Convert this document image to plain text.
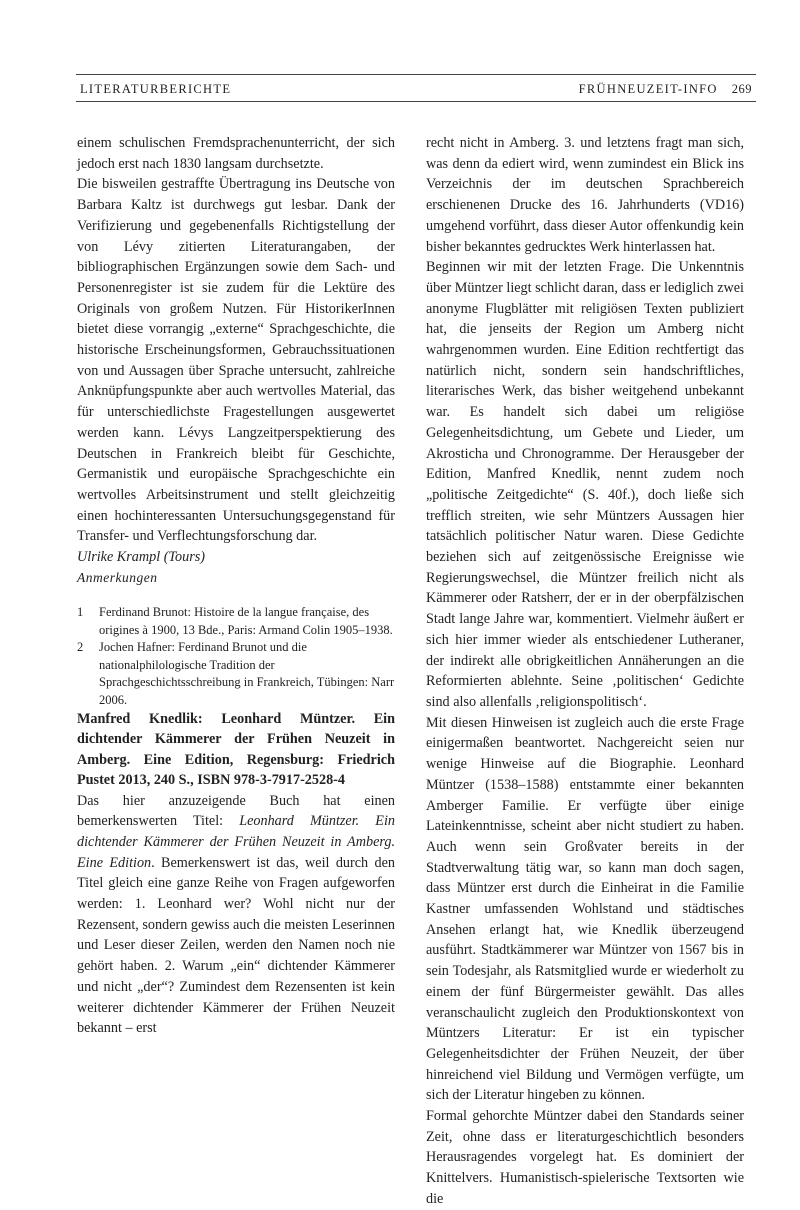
LITERATURBERICHTE	FRÜHNEUZEIT-INFO 269

einem schulischen Fremdsprachenunterricht, der sich jedoch erst nach 1830 langsam durchsetzte.

Die bisweilen gestraffte Übertragung ins Deutsche von Barbara Kaltz ist durchwegs gut lesbar. Dank der Verifizierung und gegebenenfalls Richtigstellung der von Lévy zitierten Literaturangaben, der bibliographischen Ergänzungen sowie dem Sach- und Personenregister ist sie zudem für die Lektüre des Originals von großem Nutzen. Für HistorikerInnen bietet diese vorrangig „externe“ Sprachgeschichte, die historische Erscheinungsformen, Gebrauchssituationen von und Aussagen über Sprache untersucht, zahlreiche Anknüpfungspunkte aber auch wertvolles Material, das für unterschiedlichste Fragestellungen ausgewertet werden kann. Lévys Langzeitperspektierung des Deutschen in Frankreich bleibt für Geschichte, Germanistik und europäische Sprachgeschichte ein wertvolles Arbeitsinstrument und stellt gleichzeitig einen hochinteressanten Untersuchungsgegenstand für Transfer- und Verflechtungsforschung dar.

Ulrike Krampl (Tours)

Anmerkungen

1 Ferdinand Brunot: Histoire de la langue française, des origines à 1900, 13 Bde., Paris: Armand Colin 1905–1938.
2 Jochen Hafner: Ferdinand Brunot und die nationalphilologische Tradition der Sprachgeschichtsschreibung in Frankreich, Tübingen: Narr 2006.

Manfred Knedlik: Leonhard Müntzer. Ein dichtender Kämmerer der Frühen Neuzeit in Amberg. Eine Edition, Regensburg: Friedrich Pustet 2013, 240 S., ISBN 978-3-7917-2528-4

Das hier anzuzeigende Buch hat einen bemerkenswerten Titel: Leonhard Müntzer. Ein dichtender Kämmerer der Frühen Neuzeit in Amberg. Eine Edition. Bemerkenswert ist das, weil durch den Titel gleich eine ganze Reihe von Fragen aufgeworfen werden: 1. Leonhard wer? Wohl nicht nur der Rezensent, sondern gewiss auch die meisten Leserinnen und Leser dieser Zeilen, werden den Namen noch nie gehört haben. 2. Warum „ein“ dichtender Kämmerer und nicht „der“? Zumindest dem Rezensenten ist kein weiterer dichtender Kämmerer der Frühen Neuzeit bekannt – erst

recht nicht in Amberg. 3. und letztens fragt man sich, was denn da ediert wird, wenn zumindest ein Blick ins Verzeichnis der im deutschen Sprachbereich erschienenen Drucke des 16. Jahrhunderts (VD16) umgehend vorführt, dass dieser Autor offenkundig kein bisher bekanntes gedrucktes Werk hinterlassen hat.

Beginnen wir mit der letzten Frage. Die Unkenntnis über Müntzer liegt schlicht daran, dass er lediglich zwei anonyme Flugblätter mit religiösen Texten publiziert hat, die jenseits der Region um Amberg nicht wahrgenommen wurden. Eine Edition rechtfertigt das natürlich nicht, sondern sein handschriftliches, literarisches Werk, das bisher weitgehend unbekannt war. Es handelt sich dabei um religiöse Gelegenheitsdichtung, um Gebete und Lieder, um Akrosticha und Chronogramme. Der Herausgeber der Edition, Manfred Knedlik, nennt zudem noch „politische Zeitgedichte“ (S. 40f.), doch ließe sich trefflich streiten, wie sehr Müntzers Aussagen hier tatsächlich politischer Natur waren. Diese Gedichte beziehen sich auf zeitgenössische Ereignisse wie Regierungswechsel, die Müntzer freilich nicht als Kämmerer oder Ratsherr, der er in der oberpfälzischen Stadt lange Jahre war, kommentiert. Vielmehr äußert er sich hier immer wieder als entschiedener Lutheraner, der indirekt alle obrigkeitlichen Annäherungen an die Reformierten ablehnte. Seine ‚politischen‘ Gedichte sind also allenfalls ‚religionspolitisch‘.

Mit diesen Hinweisen ist zugleich auch die erste Frage einigermaßen beantwortet. Nachgereicht seien nur wenige Hinweise auf die Biographie. Leonhard Müntzer (1538–1588) entstammte einer bekannten Amberger Familie. Er verfügte über einige Lateinkenntnisse, scheint aber nicht studiert zu haben. Auch wenn sein Großvater bereits in der Stadtverwaltung tätig war, so kann man doch sagen, dass Müntzer erst durch die Einheirat in die Familie Kastner umfassenden Wohlstand und städtisches Ansehen erlangt hat, wie Knedlik überzeugend ausführt. Stadtkämmerer war Müntzer von 1567 bis in sein Todesjahr, als Ratsmitglied wurde er wiederholt zu einem der fünf Bürgermeister gewählt. Das alles veranschaulicht zugleich den Produktionskontext von Müntzers Literatur: Er ist ein typischer Gelegenheitsdichter der Frühen Neuzeit, der über hinreichend viel Bildung und Vermögen verfügte, um sich der Literatur hingeben zu können.

Formal gehorchte Müntzer dabei den Standards seiner Zeit, ohne dass er literaturgeschichtlich besonders Herausragendes vorgelegt hat. Es dominiert der Knittelvers. Humanistisch-spielerische Textsorten wie die
